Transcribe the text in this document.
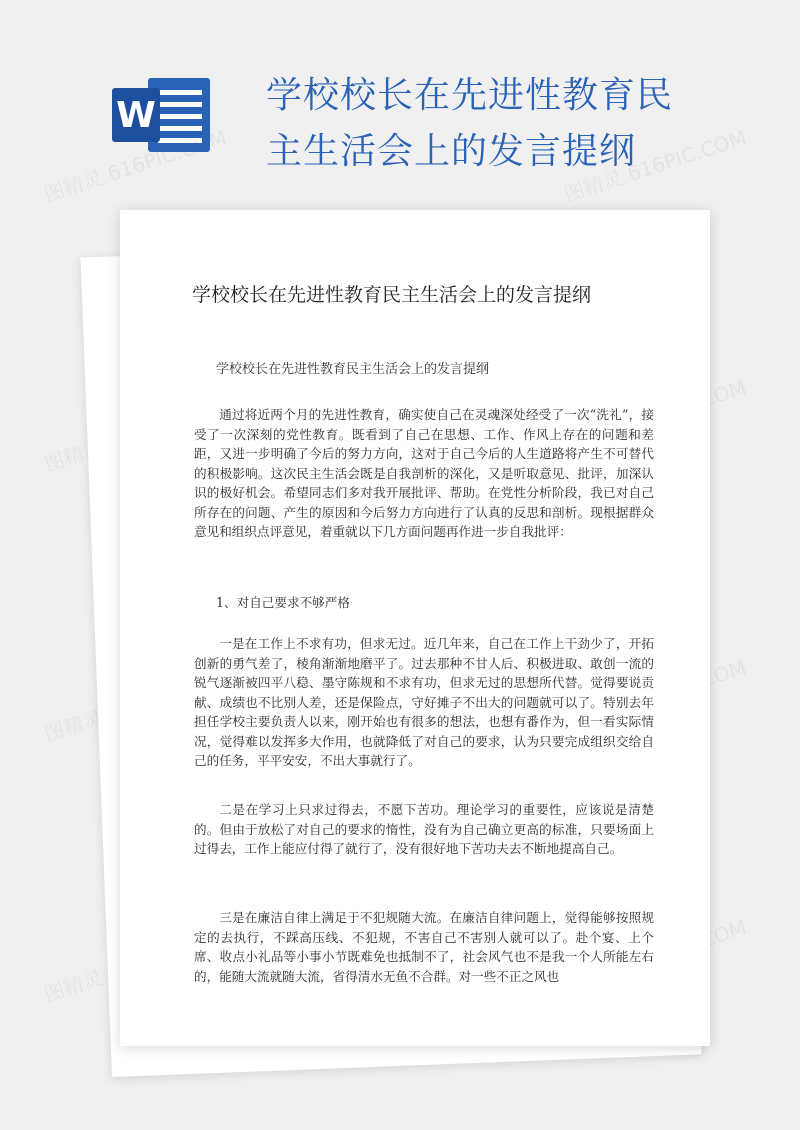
W	学校校长在先进性教育民主生活会上的发言提纲
图精灵 616PIC.COM	图精灵 616PIC.COM
图精灵
图精灵
图精灵
学校校长在先进性教育民主生活会上的发言提纲
学校校长在先进性教育民主生活会上的发言提纲

通过将近两个月的先进性教育，确实使自己在灵魂深处经受了一次“洗礼”，接受了一次深刻的党性教育。既看到了自己在思想、工作、作风上存在的问题和差距，又进一步明确了今后的努力方向，这对于自己今后的人生道路将产生不可替代的积极影响。这次民主生活会既是自我剖析的深化，又是听取意见、批评，加深认识的极好机会。希望同志们多对我开展批评、帮助。在党性分析阶段，我已对自己所存在的问题、产生的原因和今后努力方向进行了认真的反思和剖析。现根据群众意见和组织点评意见，着重就以下几方面问题再作进一步自我批评：

1、对自己要求不够严格

一是在工作上不求有功，但求无过。近几年来，自己在工作上干劲少了，开拓创新的勇气差了，棱角渐渐地磨平了。过去那种不甘人后、积极进取、敢创一流的锐气逐渐被四平八稳、墨守陈规和不求有功，但求无过的思想所代替。觉得要说贡献、成绩也不比别人差，还是保险点，守好摊子不出大的问题就可以了。特别去年担任学校主要负责人以来，刚开始也有很多的想法，也想有番作为，但一看实际情况，觉得难以发挥多大作用，也就降低了对自己的要求，认为只要完成组织交给自己的任务，平平安安，不出大事就行了。

二是在学习上只求过得去，不愿下苦功。理论学习的重要性，应该说是清楚的。但由于放松了对自己的要求的惰性，没有为自己确立更高的标准，只要场面上过得去，工作上能应付得了就行了，没有很好地下苦功夫去不断地提高自己。

三是在廉洁自律上满足于不犯规随大流。在廉洁自律问题上，觉得能够按照规定的去执行，不踩高压线、不犯规，不害自己不害别人就可以了。赴个宴、上个席、收点小礼品等小事小节既难免也抵制不了，社会风气也不是我一个人所能左右的，能随大流就随大流，省得清水无鱼不合群。对一些不正之风也
